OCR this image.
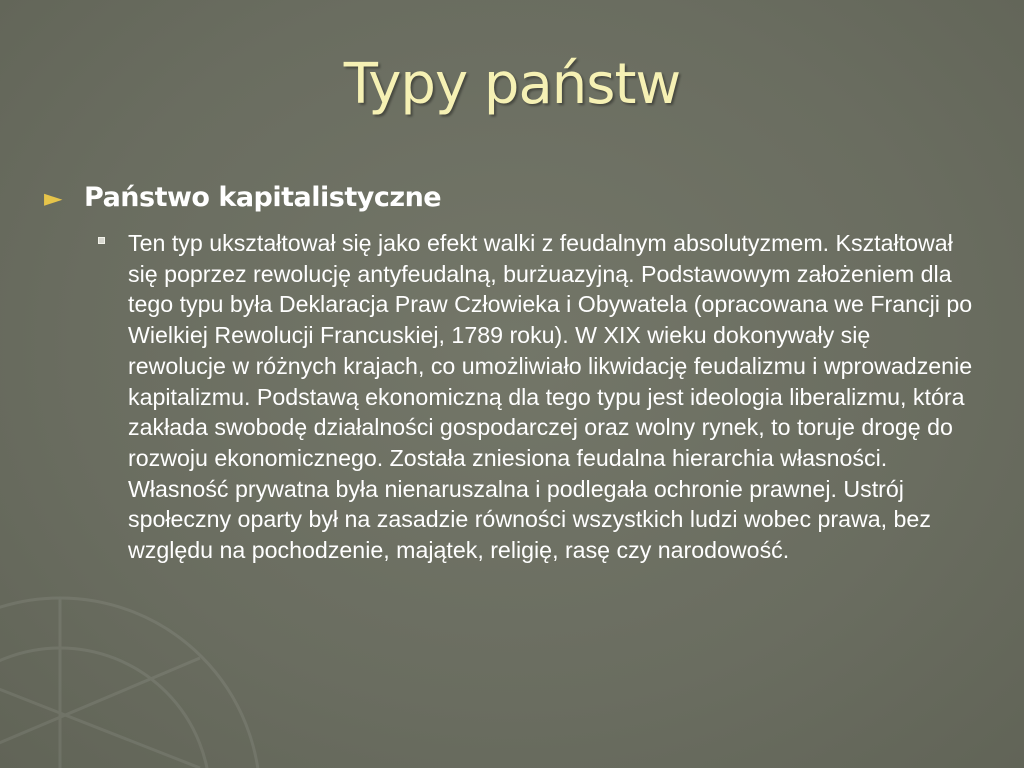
Typy państw
► Państwo kapitalistyczne

Ten typ ukształtował się jako efekt walki z feudalnym absolutyzmem. Kształtował się poprzez rewolucję antyfeudalną, burżuazyjną. Podstawowym założeniem dla tego typu była Deklaracja Praw Człowieka i Obywatela (opracowana we Francji po Wielkiej Rewolucji Francuskiej, 1789 roku). W XIX wieku dokonywały się rewolucje w różnych krajach, co umożliwiało likwidację feudalizmu i wprowadzenie kapitalizmu. Podstawą ekonomiczną dla tego typu jest ideologia liberalizmu, która zakłada swobodę działalności gospodarczej oraz wolny rynek, to toruje drogę do rozwoju ekonomicznego. Została zniesiona feudalna hierarchia własności. Własność prywatna była nienaruszalna i podlegała ochronie prawnej. Ustrój społeczny oparty był na zasadzie równości wszystkich ludzi wobec prawa, bez względu na pochodzenie, majątek, religię, rasę czy narodowość.
